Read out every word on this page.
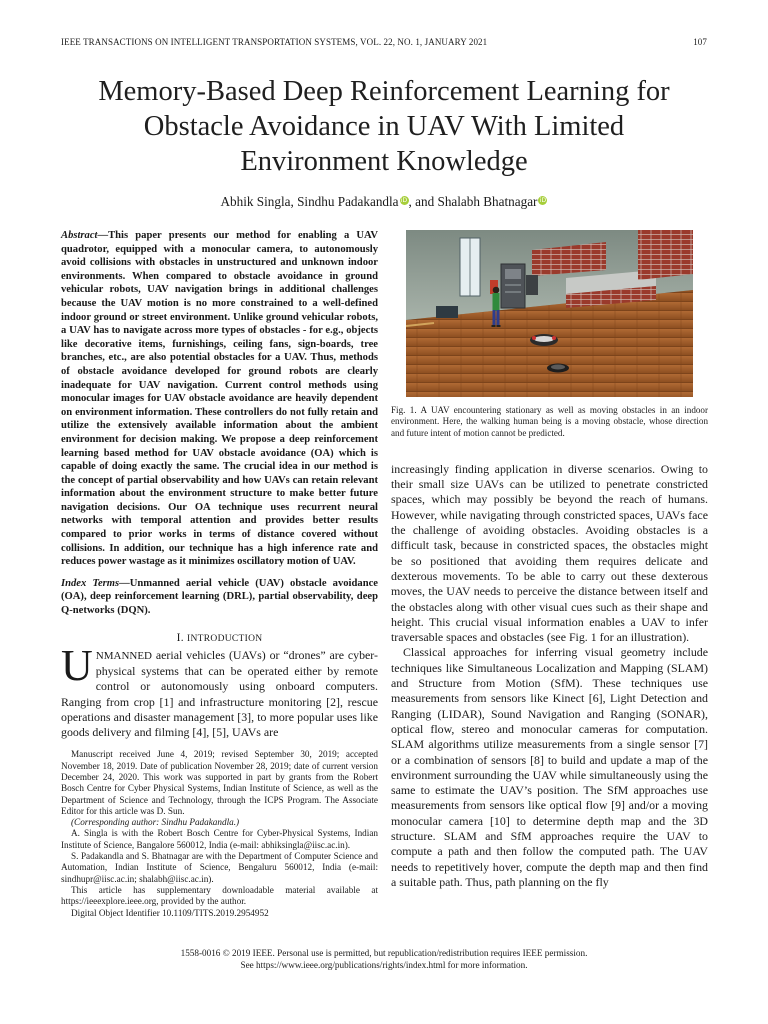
IEEE TRANSACTIONS ON INTELLIGENT TRANSPORTATION SYSTEMS, VOL. 22, NO. 1, JANUARY 2021	107
Memory-Based Deep Reinforcement Learning for
Obstacle Avoidance in UAV With Limited
Environment Knowledge
Abhik Singla, Sindhu Padakandla iD, and Shalabh Bhatnagar iD

Abstract—This paper presents our method for enabling a UAV quadrotor, equipped with a monocular camera, to autonomously avoid collisions with obstacles in unstructured and unknown indoor environments. When compared to obstacle avoidance in ground vehicular robots, UAV navigation brings in additional challenges because the UAV motion is no more constrained to a well-defined indoor ground or street environment. Unlike ground vehicular robots, a UAV has to navigate across more types of obstacles - for e.g., objects like decorative items, furnishings, ceiling fans, sign-boards, tree branches, etc., are also potential obstacles for a UAV. Thus, methods of obstacle avoidance developed for ground robots are clearly inadequate for UAV navigation. Current control methods using monocular images for UAV obstacle avoidance are heavily dependent on environment information. These controllers do not fully retain and utilize the extensively available information about the ambient environment for decision making. We propose a deep reinforcement learning based method for UAV obstacle avoidance (OA) which is capable of doing exactly the same. The crucial idea in our method is the concept of partial observability and how UAVs can retain relevant information about the environment structure to make better future navigation decisions. Our OA technique uses recurrent neural networks with temporal attention and provides better results compared to prior works in terms of distance covered without collisions. In addition, our technique has a high inference rate and reduces power wastage as it minimizes oscillatory motion of UAV.

Index Terms—Unmanned aerial vehicle (UAV) obstacle avoidance (OA), deep reinforcement learning (DRL), partial observability, deep Q-networks (DQN).

I. INTRODUCTION

UNMANNED aerial vehicles (UAVs) or “drones” are cyber-physical systems that can be operated either by remote control or autonomously using onboard computers. Ranging from crop [1] and infrastructure monitoring [2], rescue operations and disaster management [3], to more popular uses like goods delivery and filming [4], [5], UAVs are

Manuscript received June 4, 2019; revised September 30, 2019; accepted November 18, 2019. Date of publication November 28, 2019; date of current version December 24, 2020. This work was supported in part by grants from the Robert Bosch Centre for Cyber Physical Systems, Indian Institute of Science, as well as the Department of Science and Technology, through the ICPS Program. The Associate Editor for this article was D. Sun.

(Corresponding author: Sindhu Padakandla.)

A. Singla is with the Robert Bosch Centre for Cyber-Physical Systems, Indian Institute of Science, Bangalore 560012, India (e-mail: abhiksingla@iisc.ac.in).

S. Padakandla and S. Bhatnagar are with the Department of Computer Science and Automation, Indian Institute of Science, Bengaluru 560012, India (e-mail: sindhupr@iisc.ac.in; shalabh@iisc.ac.in).

This article has supplementary downloadable material available at https://ieeexplore.ieee.org, provided by the author.

Digital Object Identifier 10.1109/TITS.2019.2954952

Fig. 1. A UAV encountering stationary as well as moving obstacles in an indoor environment. Here, the walking human being is a moving obstacle, whose direction and future intent of motion cannot be predicted.

increasingly finding application in diverse scenarios. Owing to their small size UAVs can be utilized to penetrate constricted spaces, which may possibly be beyond the reach of humans. However, while navigating through constricted spaces, UAVs face the challenge of avoiding obstacles. Avoiding obstacles is a difficult task, because in constricted spaces, the obstacles might be so positioned that avoiding them requires delicate and dexterous movements. To be able to carry out these dexterous moves, the UAV needs to perceive the distance between itself and the obstacles along with other visual cues such as their shape and height. This crucial visual information enables a UAV to infer traversable spaces and obstacles (see Fig. 1 for an illustration).

Classical approaches for inferring visual geometry include techniques like Simultaneous Localization and Mapping (SLAM) and Structure from Motion (SfM). These techniques use measurements from sensors like Kinect [6], Light Detection and Ranging (LIDAR), Sound Navigation and Ranging (SONAR), optical flow, stereo and monocular cameras for computation. SLAM algorithms utilize measurements from a single sensor [7] or a combination of sensors [8] to build and update a map of the environment surrounding the UAV while simultaneously using the same to estimate the UAV’s position. The SfM approaches use measurements from sensors like optical flow [9] and/or a moving monocular camera [10] to determine depth map and the 3D structure. SLAM and SfM approaches require the UAV to compute a path and then follow the computed path. The UAV needs to repetitively hover, compute the depth map and then find a suitable path. Thus, path planning on the fly

1558-0016 © 2019 IEEE. Personal use is permitted, but republication/redistribution requires IEEE permission.
See https://www.ieee.org/publications/rights/index.html for more information.
